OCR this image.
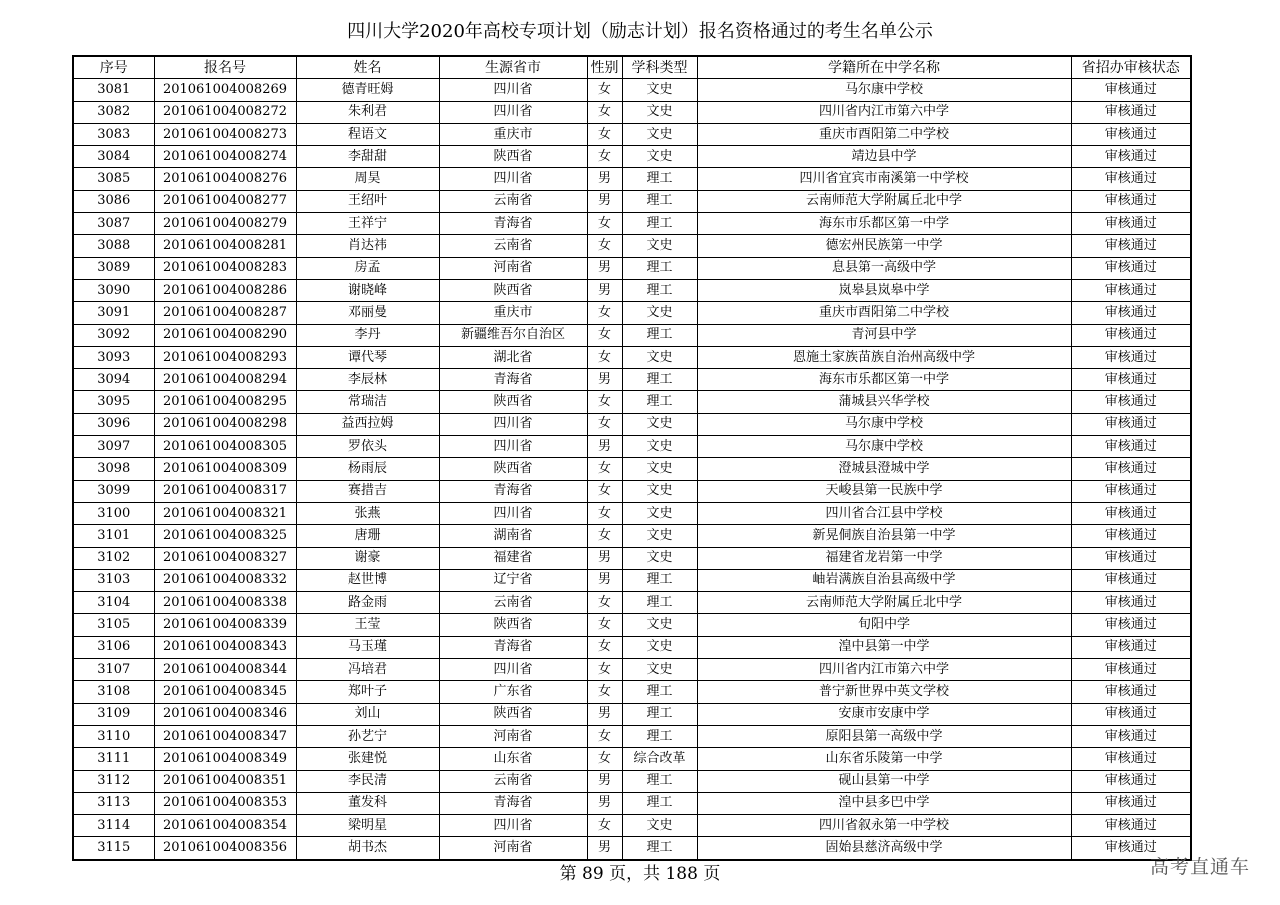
四川大学2020年高校专项计划（励志计划）报名资格通过的考生名单公示
序号	报名号	姓名	生源省市	性别	学科类型	学籍所在中学名称	省招办审核状态
3081	201061004008269	德青旺姆	四川省	女	文史	马尔康中学校	审核通过
3082	201061004008272	朱利君	四川省	女	文史	四川省内江市第六中学	审核通过
3083	201061004008273	程语文	重庆市	女	文史	重庆市酉阳第二中学校	审核通过
3084	201061004008274	李甜甜	陕西省	女	文史	靖边县中学	审核通过
3085	201061004008276	周昊	四川省	男	理工	四川省宜宾市南溪第一中学校	审核通过
3086	201061004008277	王绍叶	云南省	男	理工	云南师范大学附属丘北中学	审核通过
3087	201061004008279	王祥宁	青海省	女	理工	海东市乐都区第一中学	审核通过
3088	201061004008281	肖达祎	云南省	女	文史	德宏州民族第一中学	审核通过
3089	201061004008283	房孟	河南省	男	理工	息县第一高级中学	审核通过
3090	201061004008286	谢晓峰	陕西省	男	理工	岚皋县岚皋中学	审核通过
3091	201061004008287	邓丽曼	重庆市	女	文史	重庆市酉阳第二中学校	审核通过
3092	201061004008290	李丹	新疆维吾尔自治区	女	理工	青河县中学	审核通过
3093	201061004008293	谭代琴	湖北省	女	文史	恩施土家族苗族自治州高级中学	审核通过
3094	201061004008294	李辰林	青海省	男	理工	海东市乐都区第一中学	审核通过
3095	201061004008295	常瑞洁	陕西省	女	理工	蒲城县兴华学校	审核通过
3096	201061004008298	益西拉姆	四川省	女	文史	马尔康中学校	审核通过
3097	201061004008305	罗依头	四川省	男	文史	马尔康中学校	审核通过
3098	201061004008309	杨雨辰	陕西省	女	文史	澄城县澄城中学	审核通过
3099	201061004008317	赛措吉	青海省	女	文史	天峻县第一民族中学	审核通过
3100	201061004008321	张燕	四川省	女	文史	四川省合江县中学校	审核通过
3101	201061004008325	唐珊	湖南省	女	文史	新晃侗族自治县第一中学	审核通过
3102	201061004008327	谢豪	福建省	男	文史	福建省龙岩第一中学	审核通过
3103	201061004008332	赵世博	辽宁省	男	理工	岫岩满族自治县高级中学	审核通过
3104	201061004008338	路金雨	云南省	女	理工	云南师范大学附属丘北中学	审核通过
3105	201061004008339	王莹	陕西省	女	文史	旬阳中学	审核通过
3106	201061004008343	马玉瑾	青海省	女	文史	湟中县第一中学	审核通过
3107	201061004008344	冯培君	四川省	女	文史	四川省内江市第六中学	审核通过
3108	201061004008345	郑叶子	广东省	女	理工	普宁新世界中英文学校	审核通过
3109	201061004008346	刘山	陕西省	男	理工	安康市安康中学	审核通过
3110	201061004008347	孙艺宁	河南省	女	理工	原阳县第一高级中学	审核通过
3111	201061004008349	张建悦	山东省	女	综合改革	山东省乐陵第一中学	审核通过
3112	201061004008351	李民清	云南省	男	理工	砚山县第一中学	审核通过
3113	201061004008353	董发科	青海省	男	理工	湟中县多巴中学	审核通过
3114	201061004008354	梁明星	四川省	女	文史	四川省叙永第一中学校	审核通过
3115	201061004008356	胡书杰	河南省	男	理工	固始县慈济高级中学	审核通过
第 89 页，共 188 页	高考直通车
